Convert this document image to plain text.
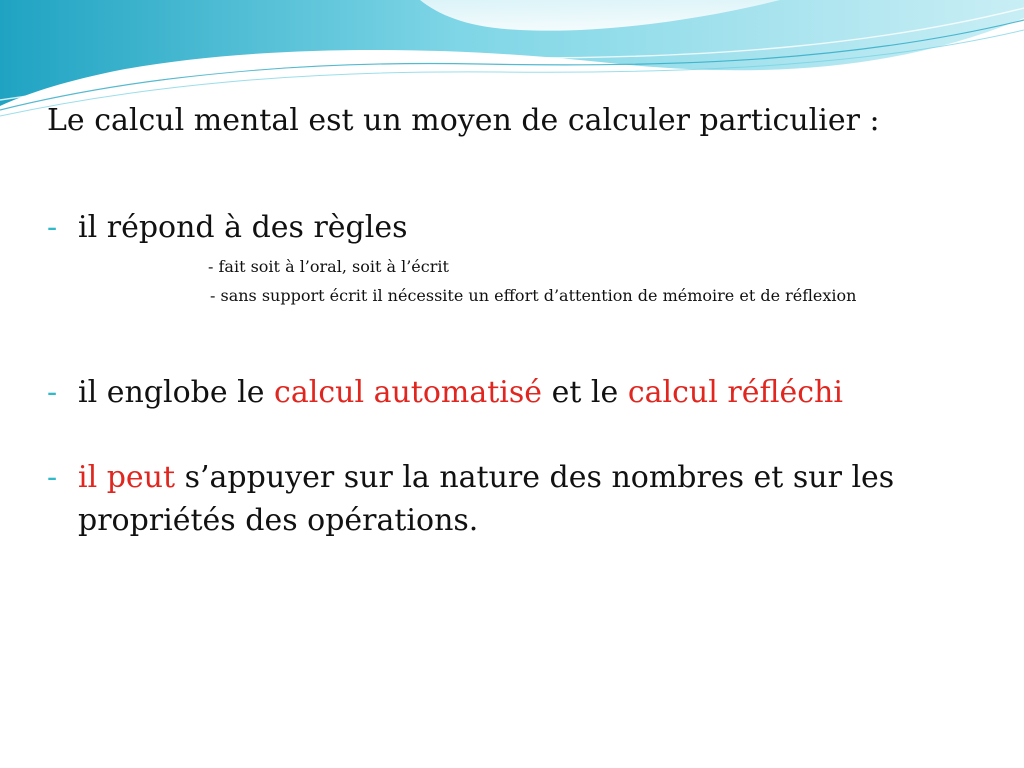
Le calcul mental est un moyen de calculer particulier :
- il répond à des règles
- fait soit à l’oral, soit à l’écrit
- sans support écrit il nécessite un effort d’attention de mémoire et de réflexion
- il englobe le calcul automatisé et le calcul réfléchi
- il peut s’appuyer sur la nature des nombres et sur les propriétés des opérations.
